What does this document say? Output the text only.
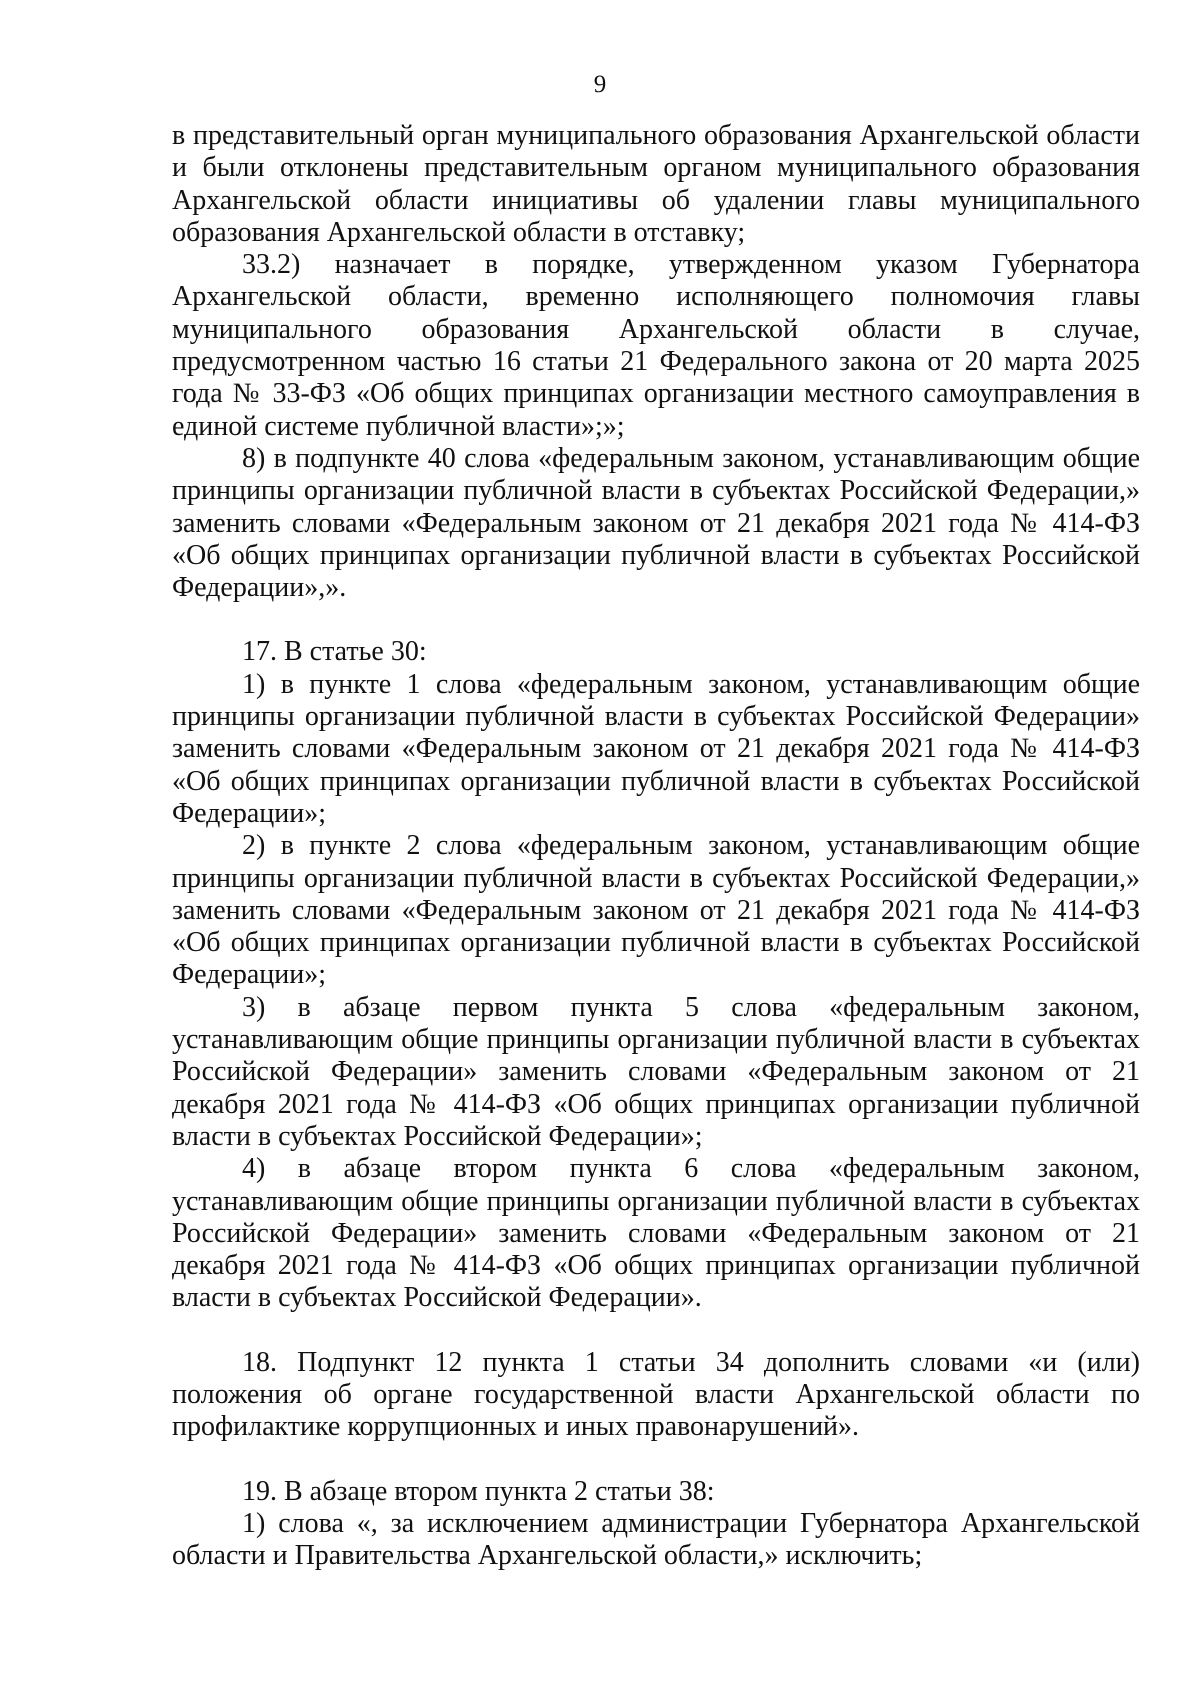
9

в представительный орган муниципального образования Архангельской области и были отклонены представительным органом муниципального образования Архангельской области инициативы об удалении главы муниципального образования Архангельской области в отставку;

33.2) назначает в порядке, утвержденном указом Губернатора Архангельской области, временно исполняющего полномочия главы муниципального образования Архангельской области в случае, предусмотренном частью 16 статьи 21 Федерального закона от 20 марта 2025 года № 33-ФЗ «Об общих принципах организации местного самоуправления в единой системе публичной власти»;»;

8) в подпункте 40 слова «федеральным законом, устанавливающим общие принципы организации публичной власти в субъектах Российской Федерации,» заменить словами «Федеральным законом от 21 декабря 2021 года № 414-ФЗ «Об общих принципах организации публичной власти в субъектах Российской Федерации»,».

17. В статье 30:

1) в пункте 1 слова «федеральным законом, устанавливающим общие принципы организации публичной власти в субъектах Российской Федерации» заменить словами «Федеральным законом от 21 декабря 2021 года № 414-ФЗ «Об общих принципах организации публичной власти в субъектах Российской Федерации»;

2) в пункте 2 слова «федеральным законом, устанавливающим общие принципы организации публичной власти в субъектах Российской Федерации,» заменить словами «Федеральным законом от 21 декабря 2021 года № 414-ФЗ «Об общих принципах организации публичной власти в субъектах Российской Федерации»;

3) в абзаце первом пункта 5 слова «федеральным законом, устанавливающим общие принципы организации публичной власти в субъектах Российской Федерации» заменить словами «Федеральным законом от 21 декабря 2021 года № 414-ФЗ «Об общих принципах организации публичной власти в субъектах Российской Федерации»;

4) в абзаце втором пункта 6 слова «федеральным законом, устанавливающим общие принципы организации публичной власти в субъектах Российской Федерации» заменить словами «Федеральным законом от 21 декабря 2021 года № 414-ФЗ «Об общих принципах организации публичной власти в субъектах Российской Федерации».

18. Подпункт 12 пункта 1 статьи 34 дополнить словами «и (или) положения об органе государственной власти Архангельской области по профилактике коррупционных и иных правонарушений».

19. В абзаце втором пункта 2 статьи 38:

1) слова «, за исключением администрации Губернатора Архангельской области и Правительства Архангельской области,» исключить;
